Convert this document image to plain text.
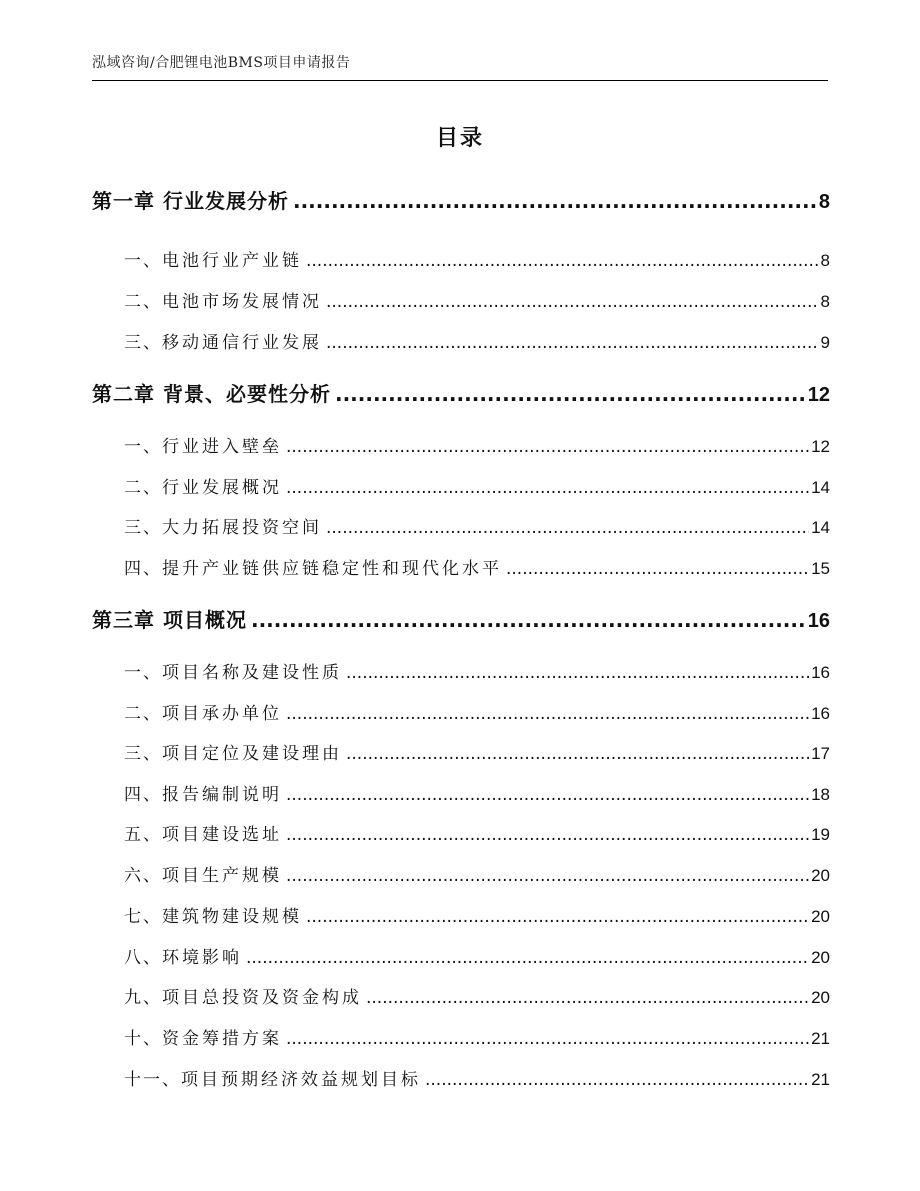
泓域咨询/合肥锂电池BMS项目申请报告
目录
第一章 行业发展分析 .....	8
一、 电池行业产业链 .....	8
二、 电池市场发展情况 .....	8
三、 移动通信行业发展 .....	9
第二章 背景、必要性分析 .....	12
一、 行业进入壁垒 .....	12
二、 行业发展概况 .....	14
三、 大力拓展投资空间 .....	14
四、 提升产业链供应链稳定性和现代化水平 .....	15
第三章 项目概况 .....	16
一、 项目名称及建设性质 .....	16
二、 项目承办单位 .....	16
三、 项目定位及建设理由 .....	17
四、 报告编制说明 .....	18
五、 项目建设选址 .....	19
六、 项目生产规模 .....	20
七、 建筑物建设规模 .....	20
八、 环境影响 .....	20
九、 项目总投资及资金构成 .....	20
十、 资金筹措方案 .....	21
十一、 项目预期经济效益规划目标 .....	21
